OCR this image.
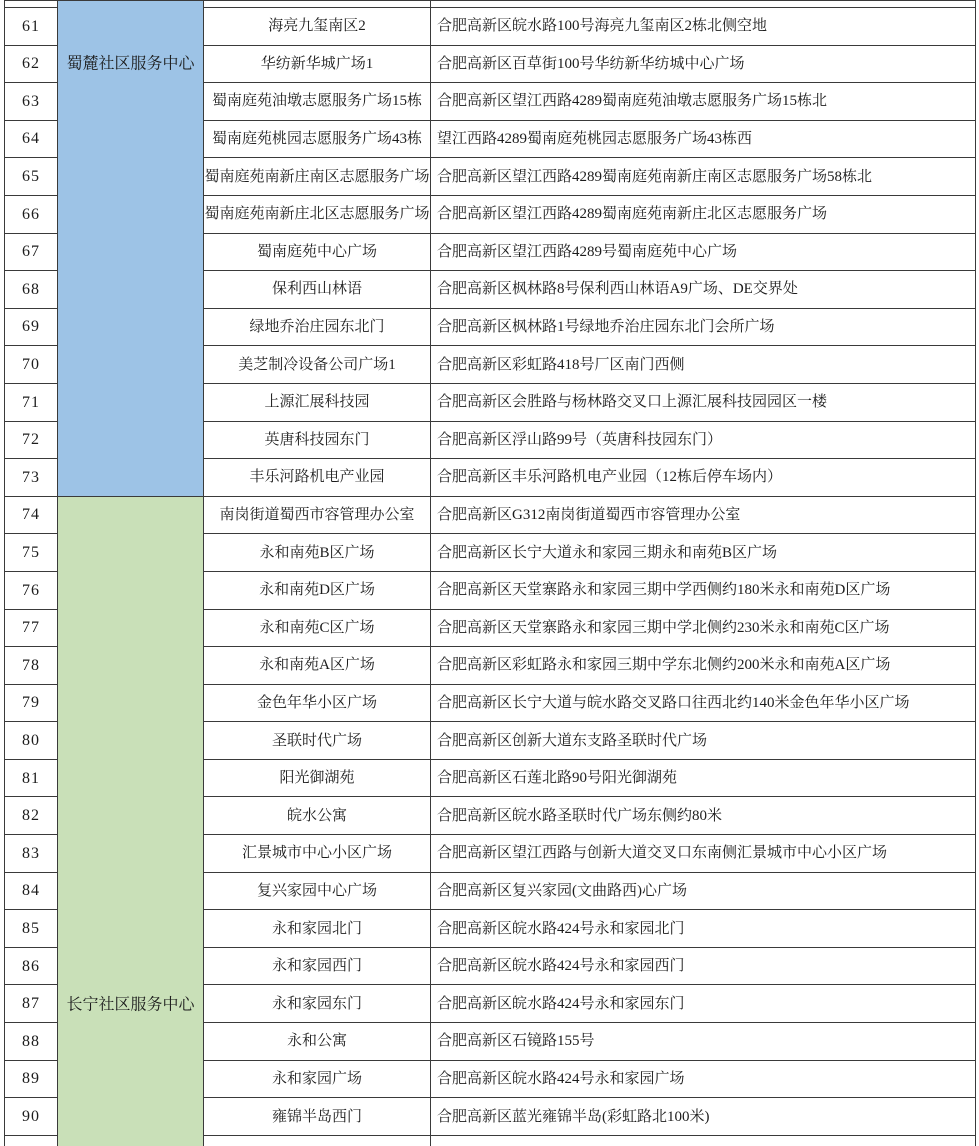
	蜀麓社区服务中心		

61		海亮九玺南区2	合肥高新区皖水路100号海亮九玺南区2栋北侧空地
62		华纺新华城广场1	合肥高新区百草街100号华纺新华纺城中心广场
63		蜀南庭苑油墩志愿服务广场15栋	合肥高新区望江西路4289蜀南庭苑油墩志愿服务广场15栋北
64		蜀南庭苑桃园志愿服务广场43栋	望江西路4289蜀南庭苑桃园志愿服务广场43栋西
65		蜀南庭苑南新庄南区志愿服务广场	合肥高新区望江西路4289蜀南庭苑南新庄南区志愿服务广场58栋北
66		蜀南庭苑南新庄北区志愿服务广场	合肥高新区望江西路4289蜀南庭苑南新庄北区志愿服务广场
67		蜀南庭苑中心广场	合肥高新区望江西路4289号蜀南庭苑中心广场
68		保利西山林语	合肥高新区枫林路8号保利西山林语A9广场、DE交界处
69		绿地乔治庄园东北门	合肥高新区枫林路1号绿地乔治庄园东北门会所广场
70		美芝制冷设备公司广场1	合肥高新区彩虹路418号厂区南门西侧
71		上源汇展科技园	合肥高新区会胜路与杨林路交叉口上源汇展科技园园区一楼
72		英唐科技园东门	合肥高新区浮山路99号（英唐科技园东门）
73		丰乐河路机电产业园	合肥高新区丰乐河路机电产业园（12栋后停车场内）
74	长宁社区服务中心	南岗街道蜀西市容管理办公室	合肥高新区G312南岗街道蜀西市容管理办公室
75		永和南苑B区广场	合肥高新区长宁大道永和家园三期永和南苑B区广场
76		永和南苑D区广场	合肥高新区天堂寨路永和家园三期中学西侧约180米永和南苑D区广场
77		永和南苑C区广场	合肥高新区天堂寨路永和家园三期中学北侧约230米永和南苑C区广场
78		永和南苑A区广场	合肥高新区彩虹路永和家园三期中学东北侧约200米永和南苑A区广场
79		金色年华小区广场	合肥高新区长宁大道与皖水路交叉路口往西北约140米金色年华小区广场
80		圣联时代广场	合肥高新区创新大道东支路圣联时代广场
81		阳光御湖苑	合肥高新区石莲北路90号阳光御湖苑
82		皖水公寓	合肥高新区皖水路圣联时代广场东侧约80米
83		汇景城市中心小区广场	合肥高新区望江西路与创新大道交叉口东南侧汇景城市中心小区广场
84		复兴家园中心广场	合肥高新区复兴家园(文曲路西)心广场
85		永和家园北门	合肥高新区皖水路424号永和家园北门
86		永和家园西门	合肥高新区皖水路424号永和家园西门
87		永和家园东门	合肥高新区皖水路424号永和家园东门
88		永和公寓	合肥高新区石镜路155号
89		永和家园广场	合肥高新区皖水路424号永和家园广场
90		雍锦半岛西门	合肥高新区蓝光雍锦半岛(彩虹路北100米)
